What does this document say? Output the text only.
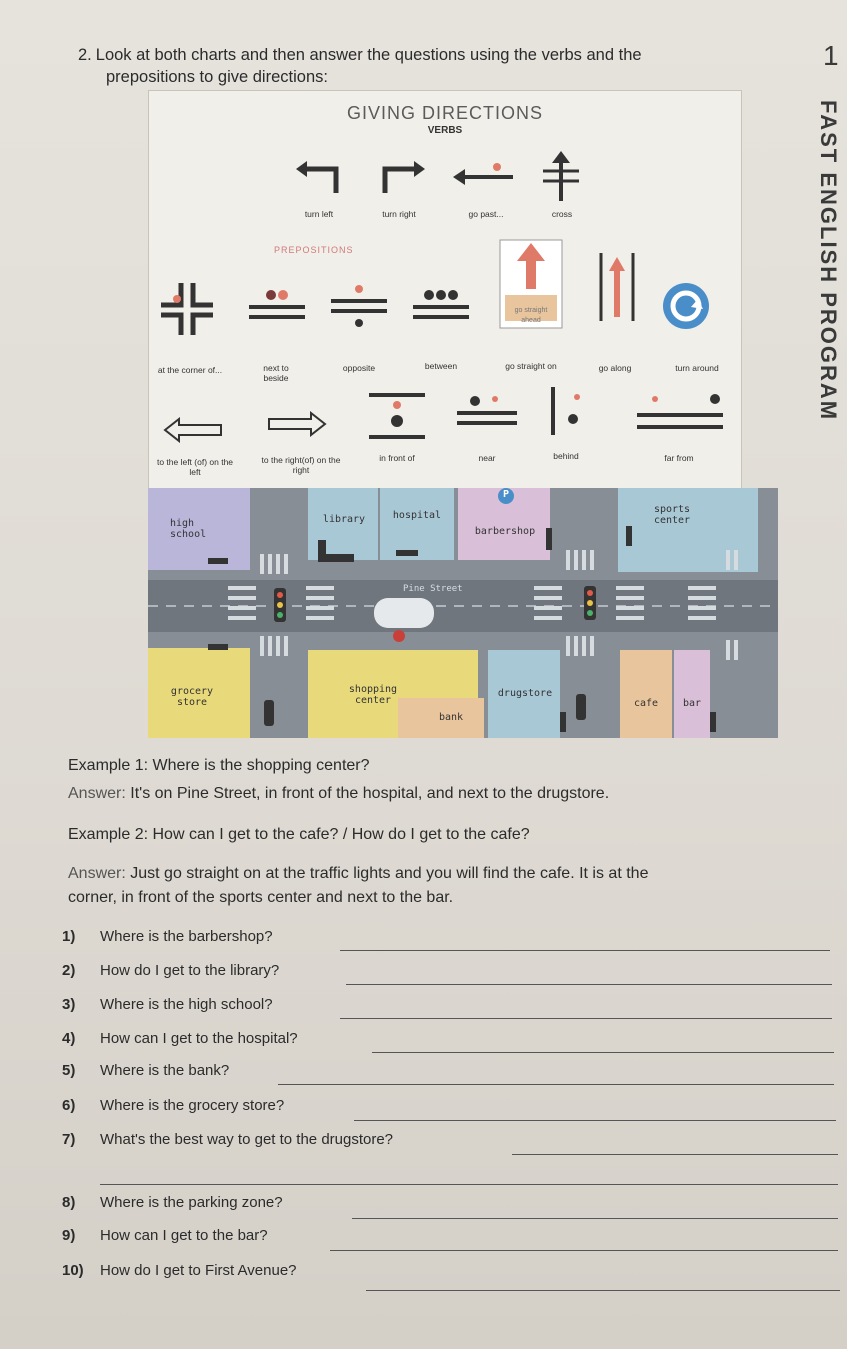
1
FAST ENGLISH PROGRAM
2. Look at both charts and then answer the questions using the verbs and the
prepositions to give directions:
GIVING DIRECTIONS
VERBS
turn left	turn right	go past...	cross
PREPOSITIONS
go straight ahead
at the corner of...	next to beside
opposite	between	go straight on	go along	turn around
to the left (of) on the left
to the right(of) on the right
in front of	near	behind	far from
Pine Street
P
high school
library	hospital
barbershop
sports center
grocery store
shopping center
bank
drugstore
cafe	bar
Example 1: Where is the shopping center?
Answer: It's on Pine Street, in front of the hospital, and next to the drugstore.
Example 2: How can I get to the cafe? / How do I get to the cafe?
Answer: Just go straight on at the traffic lights and you will find the cafe. It is at the
corner, in front of the sports center and next to the bar.
1)	Where is the barbershop?
2)	How do I get to the library?
3)	Where is the high school?
4)	How can I get to the hospital?
5)	Where is the bank?
6)	Where is the grocery store?
7)	What's the best way to get to the drugstore?
8)	Where is the parking zone?
9)	How can I get to the bar?
10)	How do I get to First Avenue?
